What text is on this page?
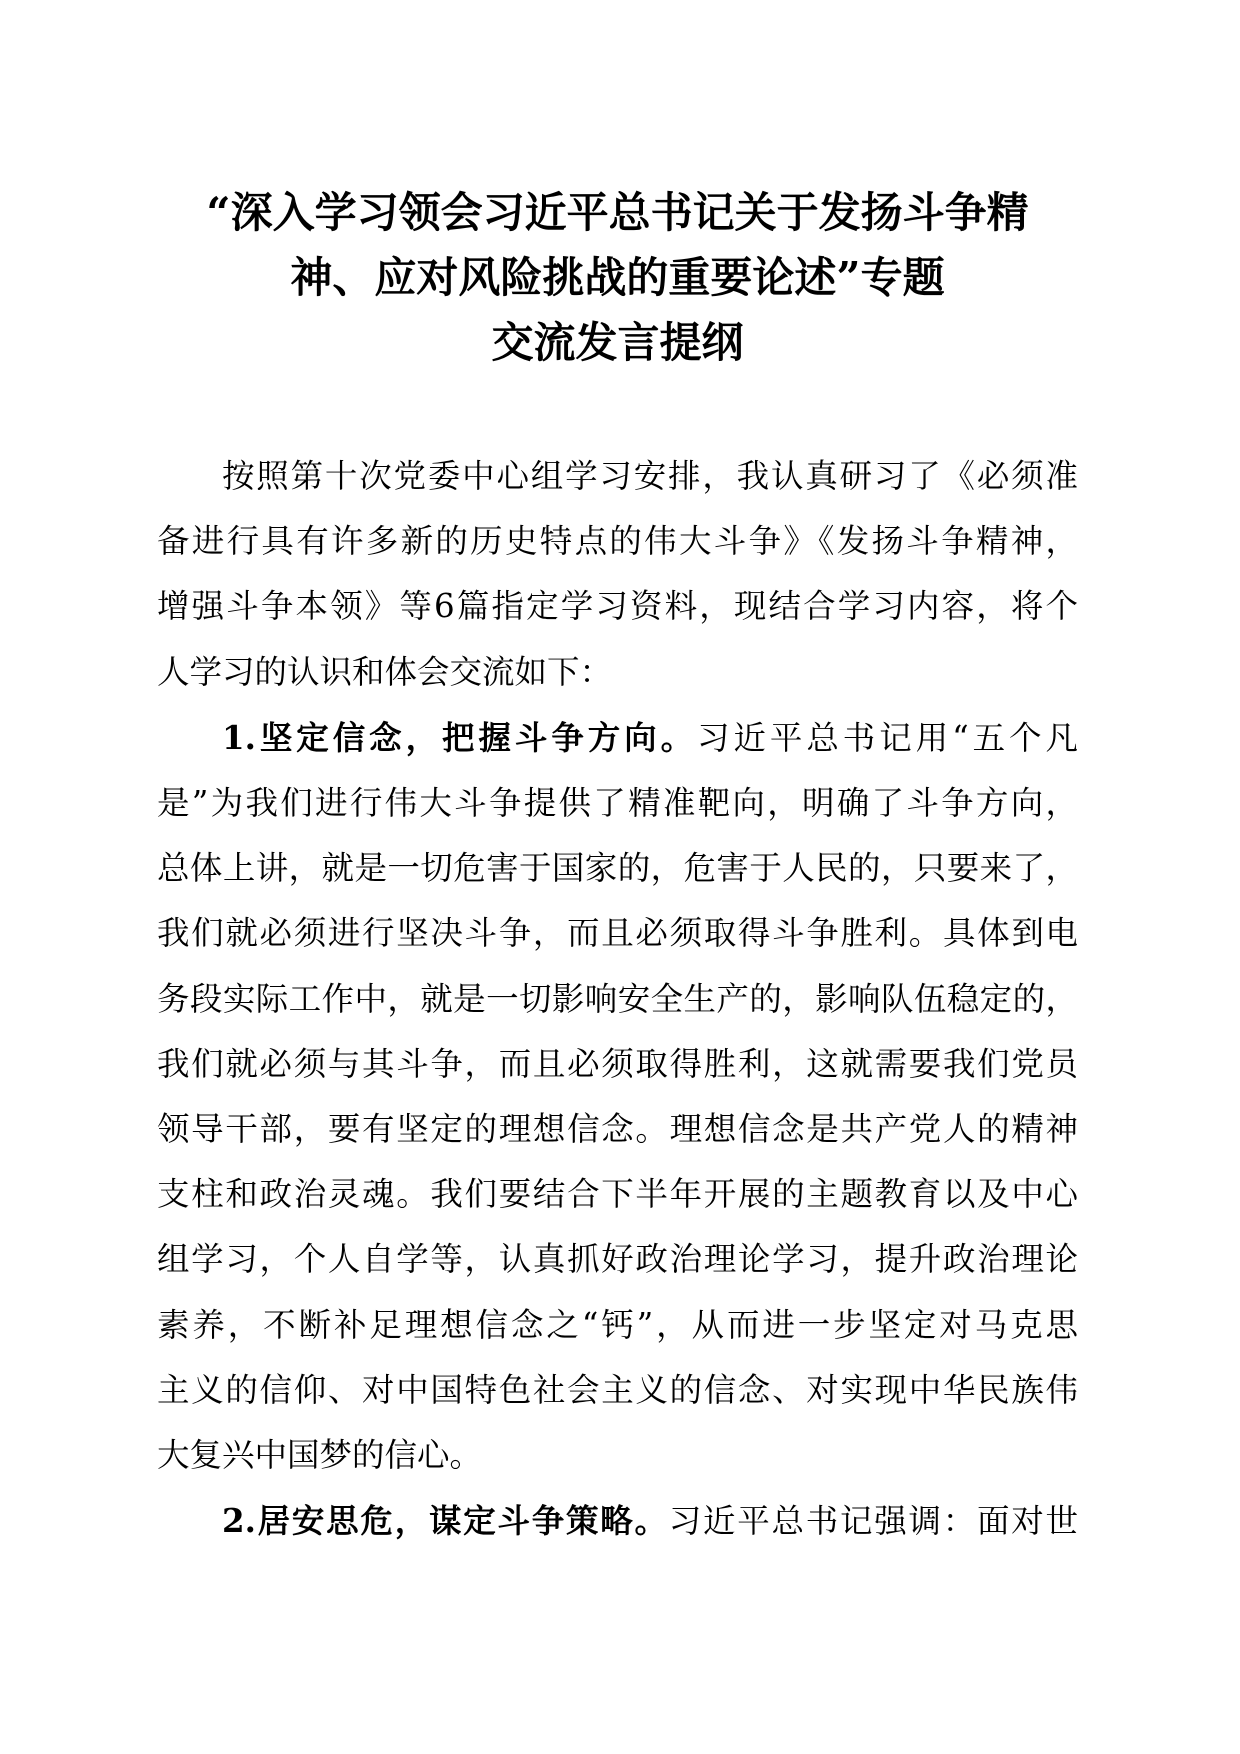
“深入学习领会习近平总书记关于发扬斗争精
神、应对风险挑战的重要论述”专题
交流发言提纲
按照第十次党委中心组学习安排，我认真研习了《必须准
备进行具有许多新的历史特点的伟大斗争》《发扬斗争精神，
增强斗争本领》等6篇指定学习资料，现结合学习内容，将个
人学习的认识和体会交流如下：
1.坚定信念，把握斗争方向。习近平总书记用“五个凡
是”为我们进行伟大斗争提供了精准靶向，明确了斗争方向，
总体上讲，就是一切危害于国家的，危害于人民的，只要来了，
我们就必须进行坚决斗争，而且必须取得斗争胜利。具体到电
务段实际工作中，就是一切影响安全生产的，影响队伍稳定的，
我们就必须与其斗争，而且必须取得胜利，这就需要我们党员
领导干部，要有坚定的理想信念。理想信念是共产党人的精神
支柱和政治灵魂。我们要结合下半年开展的主题教育以及中心
组学习，个人自学等，认真抓好政治理论学习，提升政治理论
素养，不断补足理想信念之“钙”，从而进一步坚定对马克思
主义的信仰、对中国特色社会主义的信念、对实现中华民族伟
大复兴中国梦的信心。
2.居安思危，谋定斗争策略。习近平总书记强调：面对世
